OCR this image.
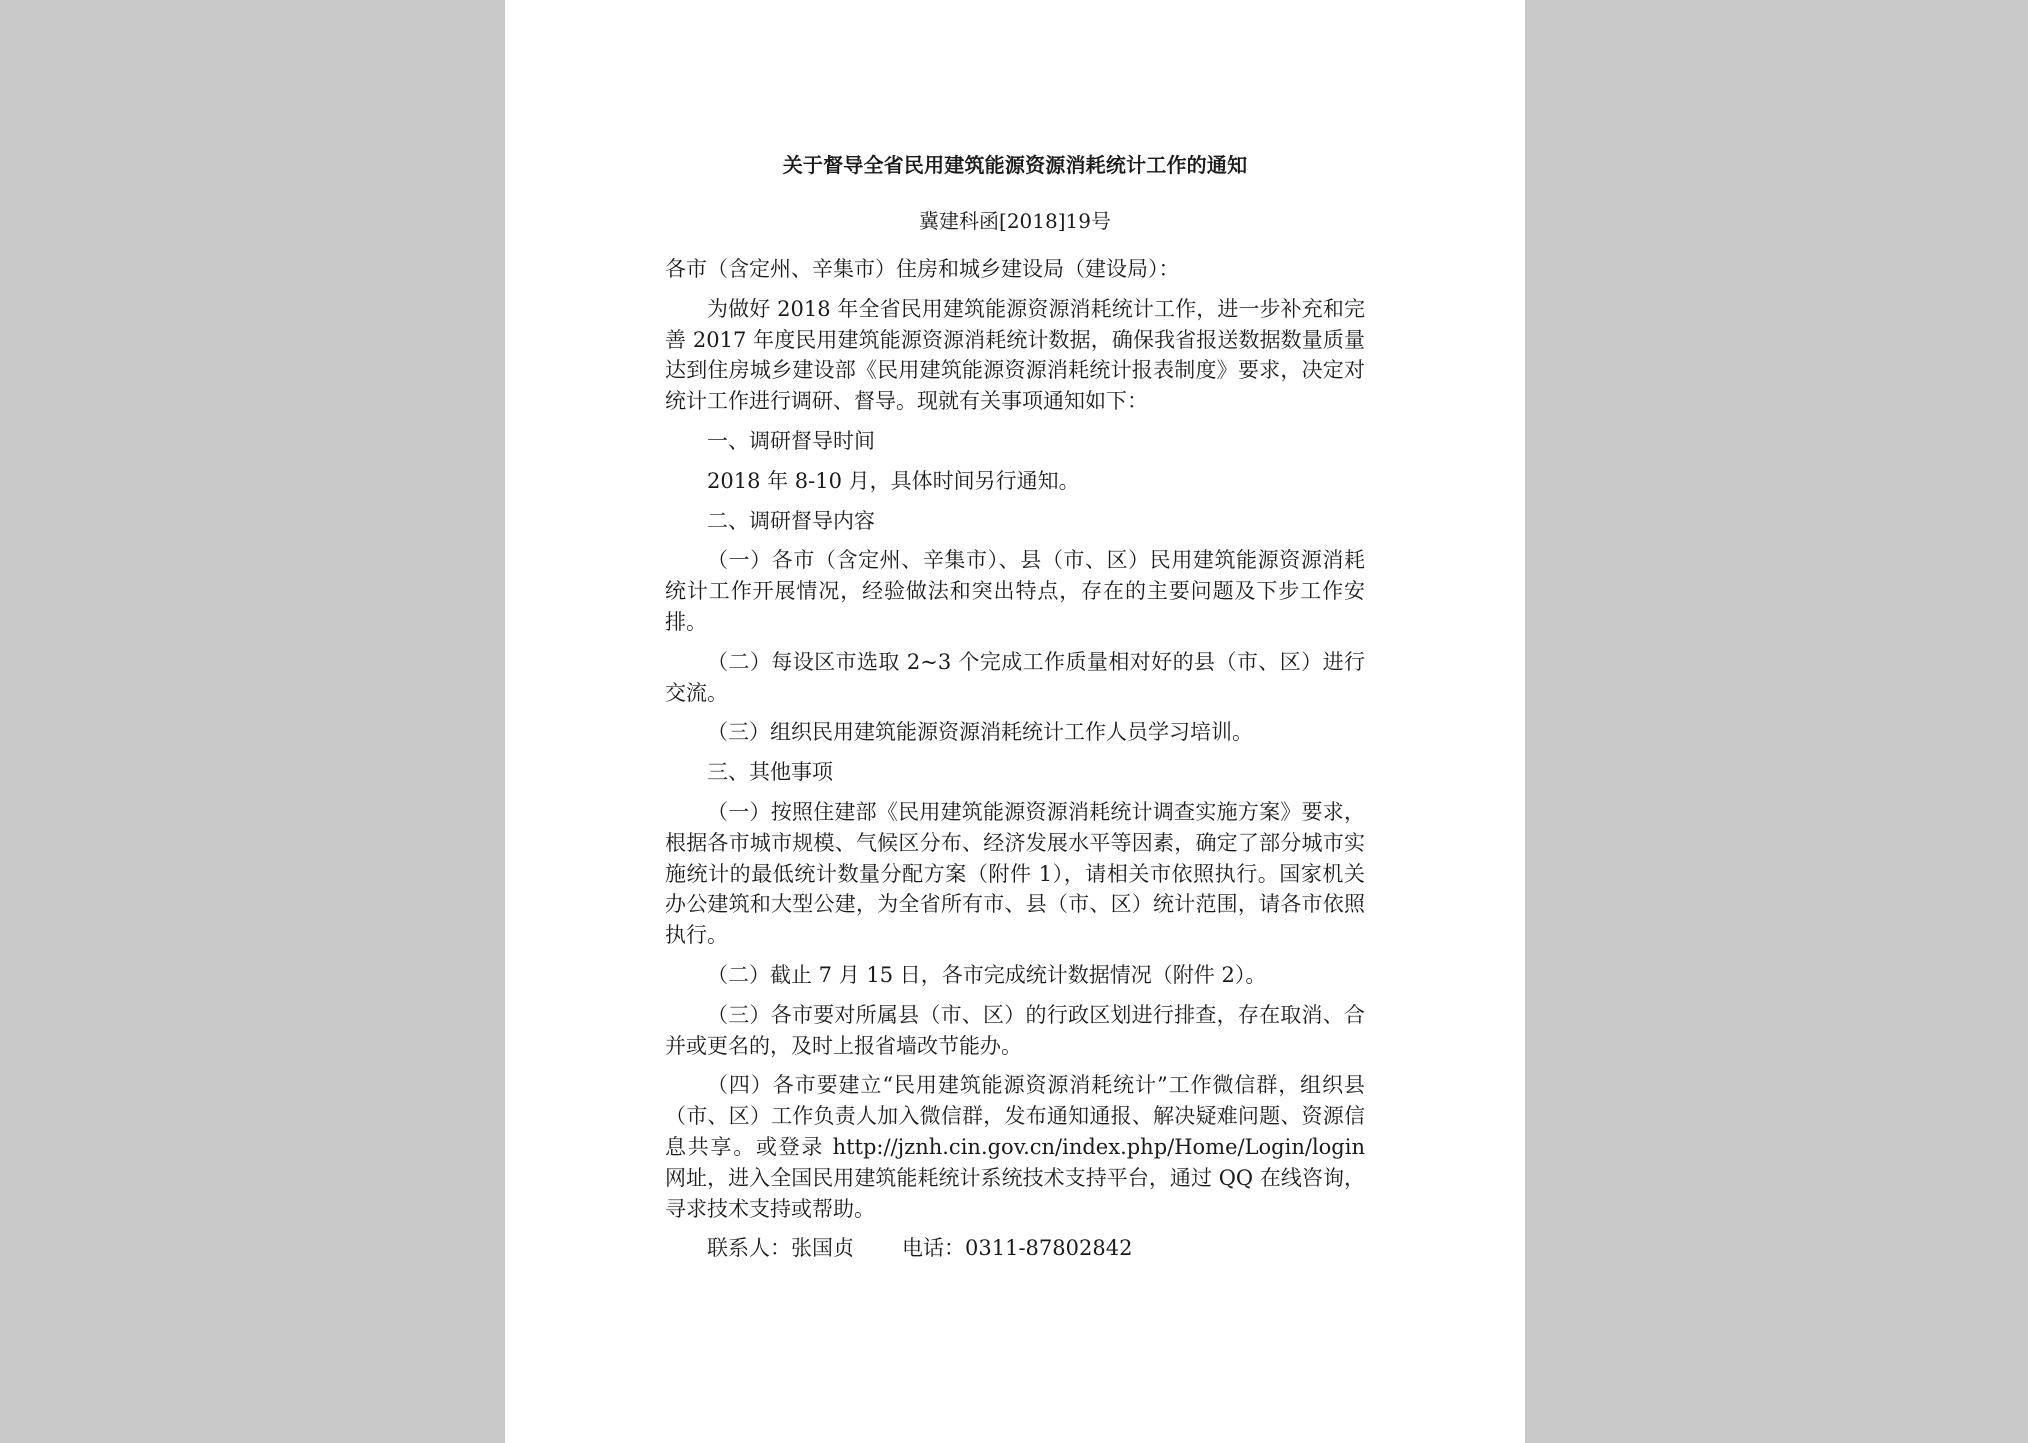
关于督导全省民用建筑能源资源消耗统计工作的通知
冀建科函[2018]19号
各市（含定州、辛集市）住房和城乡建设局（建设局）：
为做好 2018 年全省民用建筑能源资源消耗统计工作，进一步补充和完善 2017 年度民用建筑能源资源消耗统计数据，确保我省报送数据数量质量达到住房城乡建设部《民用建筑能源资源消耗统计报表制度》要求，决定对统计工作进行调研、督导。现就有关事项通知如下：
一、调研督导时间
2018 年 8-10 月，具体时间另行通知。
二、调研督导内容
（一）各市（含定州、辛集市）、县（市、区）民用建筑能源资源消耗统计工作开展情况，经验做法和突出特点，存在的主要问题及下步工作安排。
（二）每设区市选取 2~3 个完成工作质量相对好的县（市、区）进行交流。
（三）组织民用建筑能源资源消耗统计工作人员学习培训。
三、其他事项
（一）按照住建部《民用建筑能源资源消耗统计调查实施方案》要求，根据各市城市规模、气候区分布、经济发展水平等因素，确定了部分城市实施统计的最低统计数量分配方案（附件 1），请相关市依照执行。国家机关办公建筑和大型公建，为全省所有市、县（市、区）统计范围，请各市依照执行。
（二）截止 7 月 15 日，各市完成统计数据情况（附件 2）。
（三）各市要对所属县（市、区）的行政区划进行排查，存在取消、合并或更名的，及时上报省墙改节能办。
（四）各市要建立“民用建筑能源资源消耗统计”工作微信群，组织县（市、区）工作负责人加入微信群，发布通知通报、解决疑难问题、资源信息共享。或登录 http://jznh.cin.gov.cn/index.php/Home/Login/login 网址，进入全国民用建筑能耗统计系统技术支持平台，通过 QQ 在线咨询，寻求技术支持或帮助。
联系人：张国贞 电话：0311-87802842
